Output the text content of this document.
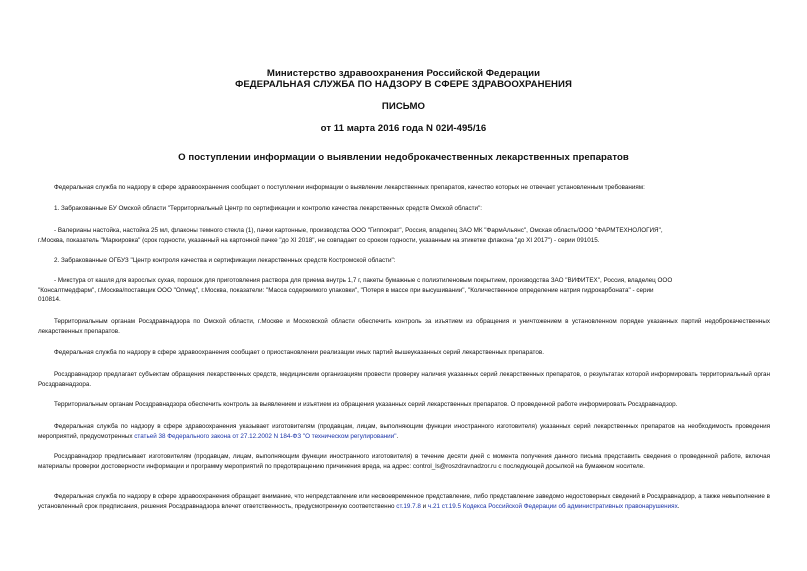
Министерство здравоохранения Российской Федерации
ФЕДЕРАЛЬНАЯ СЛУЖБА ПО НАДЗОРУ В СФЕРЕ ЗДРАВООХРАНЕНИЯ
ПИСЬМО
от 11 марта 2016 года N 02И-495/16
О поступлении информации о выявлении недоброкачественных лекарственных препаратов
Федеральная служба по надзору в сфере здравоохранения сообщает о поступлении информации о выявлении лекарственных препаратов, качество которых не отвечает установленным требованиям:
1. Забракованные БУ Омской области "Территориальный Центр по сертификации и контролю качества лекарственных средств Омской области":
- Валерианы настойка, настойка 25 мл, флаконы темного стекла (1), пачки картонные, производства ООО "Гиппократ", Россия, владелец ЗАО МК "ФармАльянс", Омская область/ООО "ФАРМТЕХНОЛОГИЯ",
г.Москва, показатель "Маркировка" (срок годности, указанный на картонной пачке "до XI 2018", не совпадает со сроком годности, указанным на этикетке флакона "до XI 2017") - серии 091015.
2. Забракованные ОГБУЗ "Центр контроля качества и сертификации лекарственных средств Костромской области":
- Микстура от кашля для взрослых сухая, порошок для приготовления раствора для приема внутрь 1,7 г, пакеты бумажные с полиэтиленовым покрытием, производства ЗАО "ВИФИТЕХ", Россия, владелец ООО
"Консалтмедфарм", г.Москва/поставщик ООО "Олмед", г.Москва, показатели: "Масса содержимого упаковки", "Потеря в массе при высушивании", "Количественное определение натрия гидрокарбоната" - серии
010814.
Территориальным органам Росздравнадзора по Омской области, г.Москве и Московской области обеспечить контроль за изъятием из обращения и уничтожением в установленном порядке указанных партий недоброкачественных лекарственных препаратов.
Федеральная служба по надзору в сфере здравоохранения сообщает о приостановлении реализации иных партий вышеуказанных серий лекарственных препаратов.
Росздравнадзор предлагает субъектам обращения лекарственных средств, медицинским организациям провести проверку наличия указанных серий лекарственных препаратов, о результатах которой информировать территориальный орган Росздравнадзора.
Территориальным органам Росздравнадзора обеспечить контроль за выявлением и изъятием из обращения указанных серий лекарственных препаратов. О проведенной работе информировать Росздравнадзор.
Федеральная служба по надзору в сфере здравоохранения указывает изготовителям (продавцам, лицам, выполняющим функции иностранного изготовителя) указанных серий лекарственных препаратов на необходимость проведения мероприятий, предусмотренных статьей 38 Федерального закона от 27.12.2002 N 184-ФЗ "О техническом регулировании".
Росздравнадзор предписывает изготовителям (продавцам, лицам, выполняющим функции иностранного изготовителя) в течение десяти дней с момента получения данного письма представить сведения о проведенной работе, включая материалы проверки достоверности информации и программу мероприятий по предотвращению причинения вреда, на адрес: control_ls@roszdravnadzor.ru с последующей досылкой на бумажном носителе.
Федеральная служба по надзору в сфере здравоохранения обращает внимание, что непредставление или несвоевременное представление, либо представление заведомо недостоверных сведений в Росздравнадзор, а также невыполнение в установленный срок предписания, решения Росздравнадзора влечет ответственность, предусмотренную соответственно ст.19.7.8 и ч.21 ст.19.5 Кодекса Российской Федерации об административных правонарушениях.
